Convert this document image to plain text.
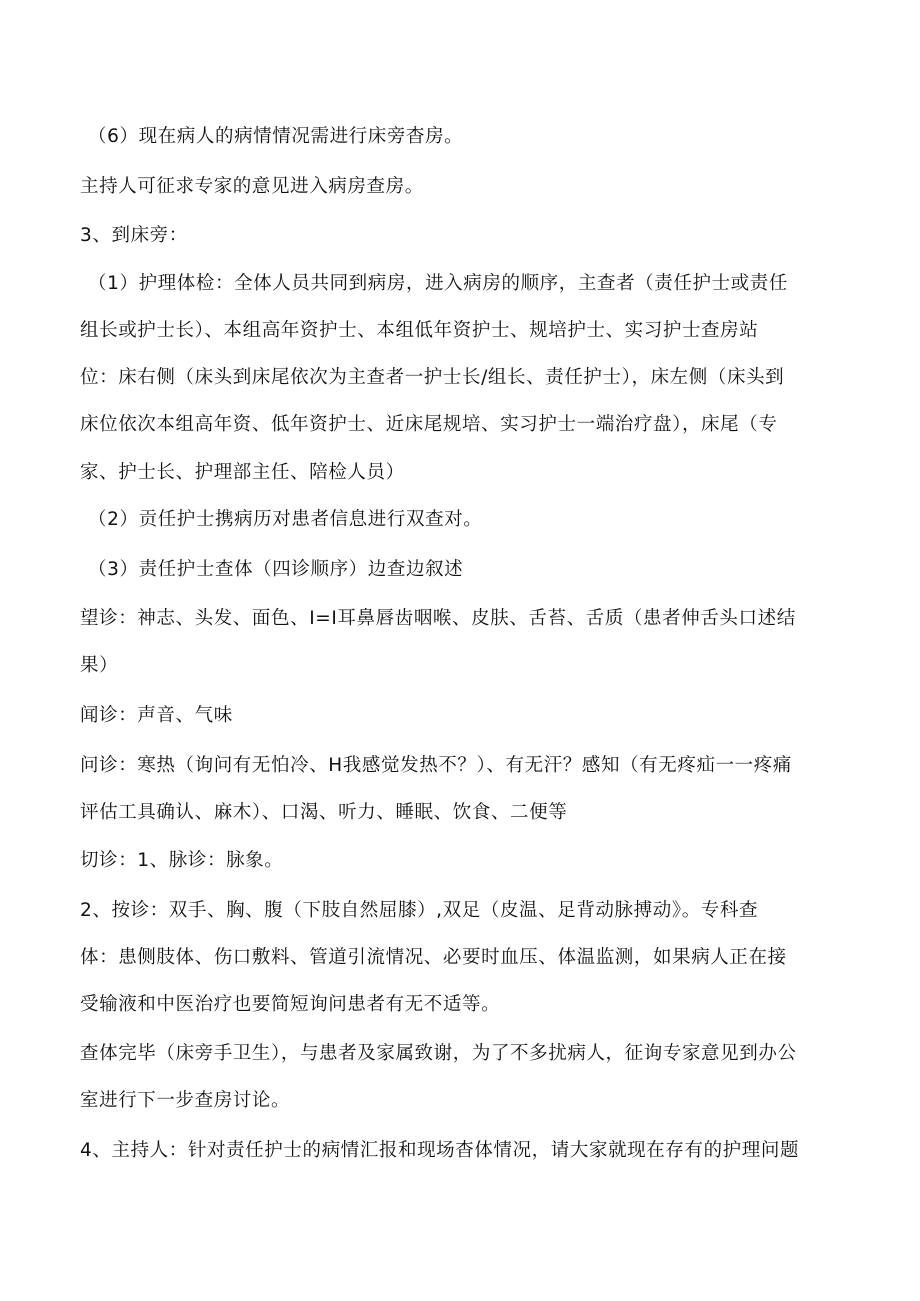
（6）现在病人的病情情况需进行床旁杳房。
主持人可征求专家的意见进入病房查房。
3、到床旁：
（1）护理体检：全体人员共同到病房，进入病房的顺序，主查者（责任护士或责任
组长或护士长）、本组高年资护士、本组低年资护士、规培护士、实习护士查房站
位：床右侧（床头到床尾依次为主查者一护士长/组长、责任护士），床左侧（床头到
床位依次本组高年资、低年资护士、近床尾规培、实习护士一端治疗盘），床尾（专
家、护士长、护理部主任、陪检人员）
（2）贡任护士携病历对患者信息进行双查对。
（3）责任护士查体（四诊顺序）边查边叙述
望诊：神志、头发、面色、I=I耳鼻唇齿咽喉、皮肤、舌苔、舌质（患者伸舌头口述结
果）
闻诊：声音、气味
问诊：寒热（询问有无怕冷、H我感觉发热不？）、有无汗？感知（有无疼疝一一疼痛
评估工具确认、麻木）、口渴、听力、睡眠、饮食、二便等
切诊：1、脉诊：脉象。
2、按诊：双手、胸、腹（下肢自然屈膝）,双足（皮温、足背动脉搏动》。专科查
体：患侧肢体、伤口敷料、管道引流情况、必要时血压、体温监测，如果病人正在接
受输液和中医治疗也要简短询问患者有无不适等。
查体完毕（床旁手卫生），与患者及家属致谢，为了不多扰病人，征询专家意见到办公
室进行下一步查房讨论。
4、主持人：针对责任护士的病情汇报和现场杳体情况，请大家就现在存有的护理问题
